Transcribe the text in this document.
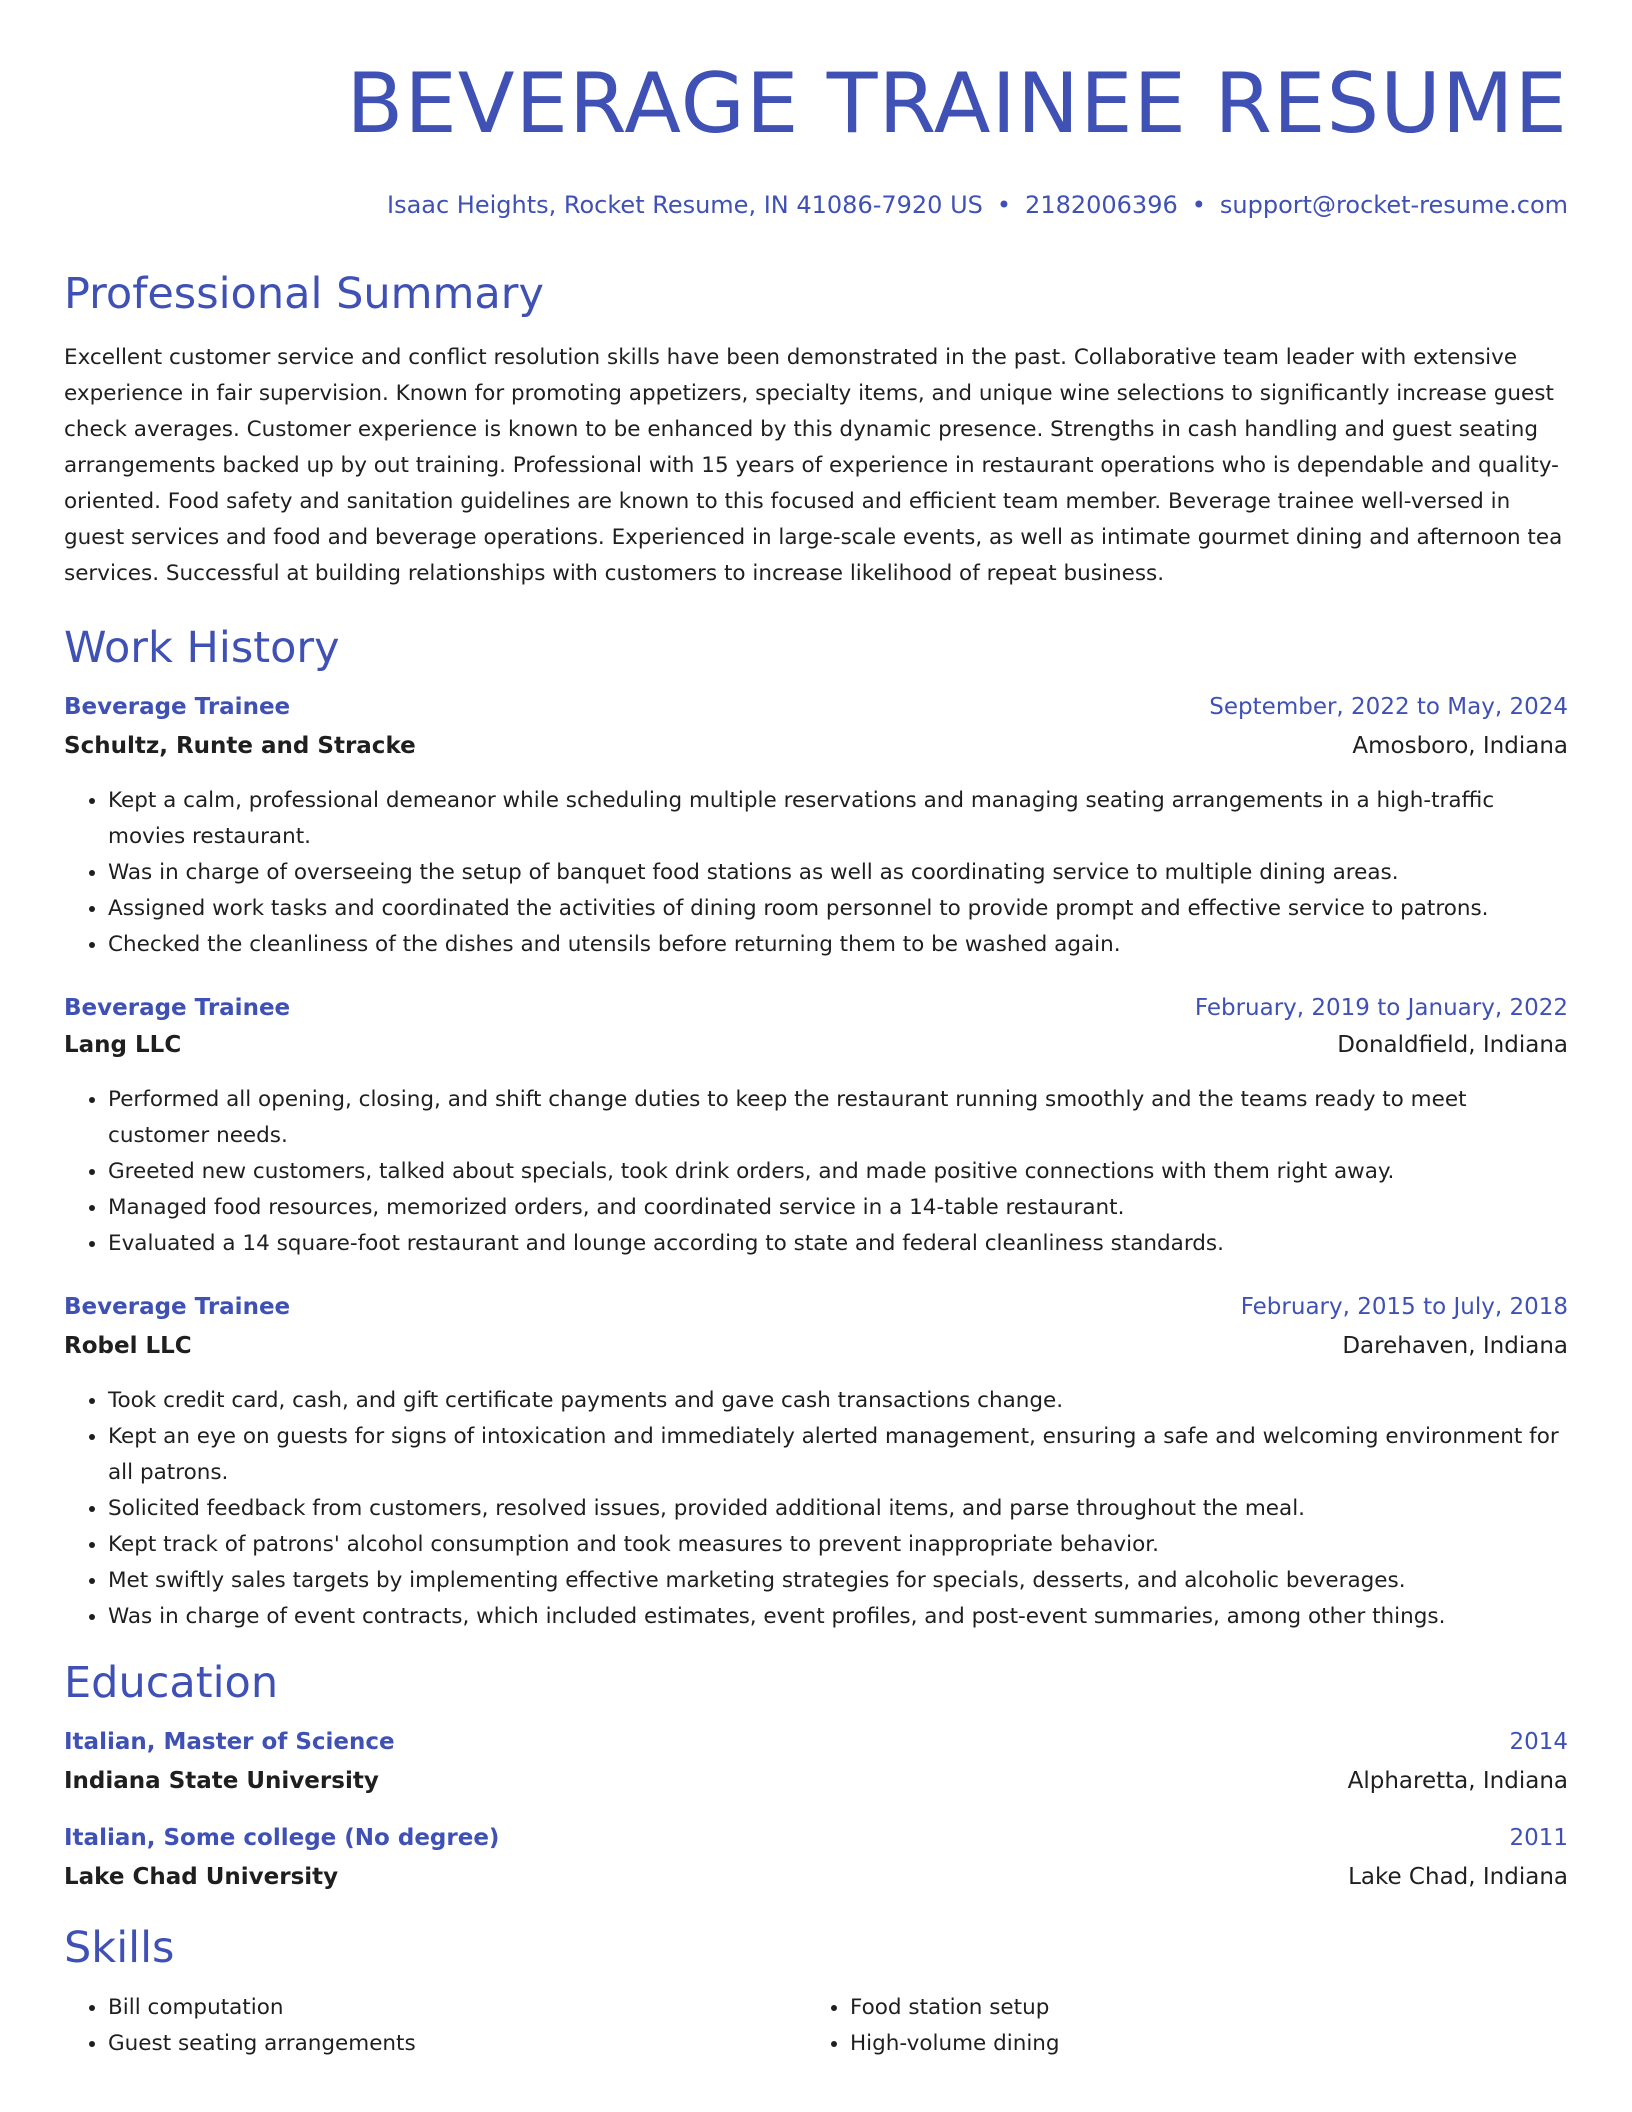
BEVERAGE TRAINEE RESUME
Isaac Heights, Rocket Resume, IN 41086-7920 US • 2182006396 • support@rocket-resume.com
Professional Summary

Excellent customer service and conflict resolution skills have been demonstrated in the past. Collaborative team leader with extensive experience in fair supervision. Known for promoting appetizers, specialty items, and unique wine selections to significantly increase guest check averages. Customer experience is known to be enhanced by this dynamic presence. Strengths in cash handling and guest seating arrangements backed up by out training. Professional with 15 years of experience in restaurant operations who is dependable and quality-oriented. Food safety and sanitation guidelines are known to this focused and efficient team member. Beverage trainee well-versed in guest services and food and beverage operations. Experienced in large-scale events, as well as intimate gourmet dining and afternoon tea services. Successful at building relationships with customers to increase likelihood of repeat business.

Work History
Beverage Trainee	September, 2022 to May, 2024
Schultz, Runte and Stracke	Amosboro, Indiana
• Kept a calm, professional demeanor while scheduling multiple reservations and managing seating arrangements in a high-traffic movies restaurant.
• Was in charge of overseeing the setup of banquet food stations as well as coordinating service to multiple dining areas.
• Assigned work tasks and coordinated the activities of dining room personnel to provide prompt and effective service to patrons.
• Checked the cleanliness of the dishes and utensils before returning them to be washed again.
Beverage Trainee	February, 2019 to January, 2022
Lang LLC	Donaldfield, Indiana
• Performed all opening, closing, and shift change duties to keep the restaurant running smoothly and the teams ready to meet customer needs.
• Greeted new customers, talked about specials, took drink orders, and made positive connections with them right away.
• Managed food resources, memorized orders, and coordinated service in a 14-table restaurant.
• Evaluated a 14 square-foot restaurant and lounge according to state and federal cleanliness standards.
Beverage Trainee	February, 2015 to July, 2018
Robel LLC	Darehaven, Indiana
• Took credit card, cash, and gift certificate payments and gave cash transactions change.
• Kept an eye on guests for signs of intoxication and immediately alerted management, ensuring a safe and welcoming environment for all patrons.
• Solicited feedback from customers, resolved issues, provided additional items, and parse throughout the meal.
• Kept track of patrons' alcohol consumption and took measures to prevent inappropriate behavior.
• Met swiftly sales targets by implementing effective marketing strategies for specials, desserts, and alcoholic beverages.
• Was in charge of event contracts, which included estimates, event profiles, and post-event summaries, among other things.
Education
Italian, Master of Science	2014
Indiana State University	Alpharetta, Indiana
Italian, Some college (No degree)	2011
Lake Chad University	Lake Chad, Indiana
Skills
• Bill computation
• Guest seating arrangements
• Food station setup
• High-volume dining
